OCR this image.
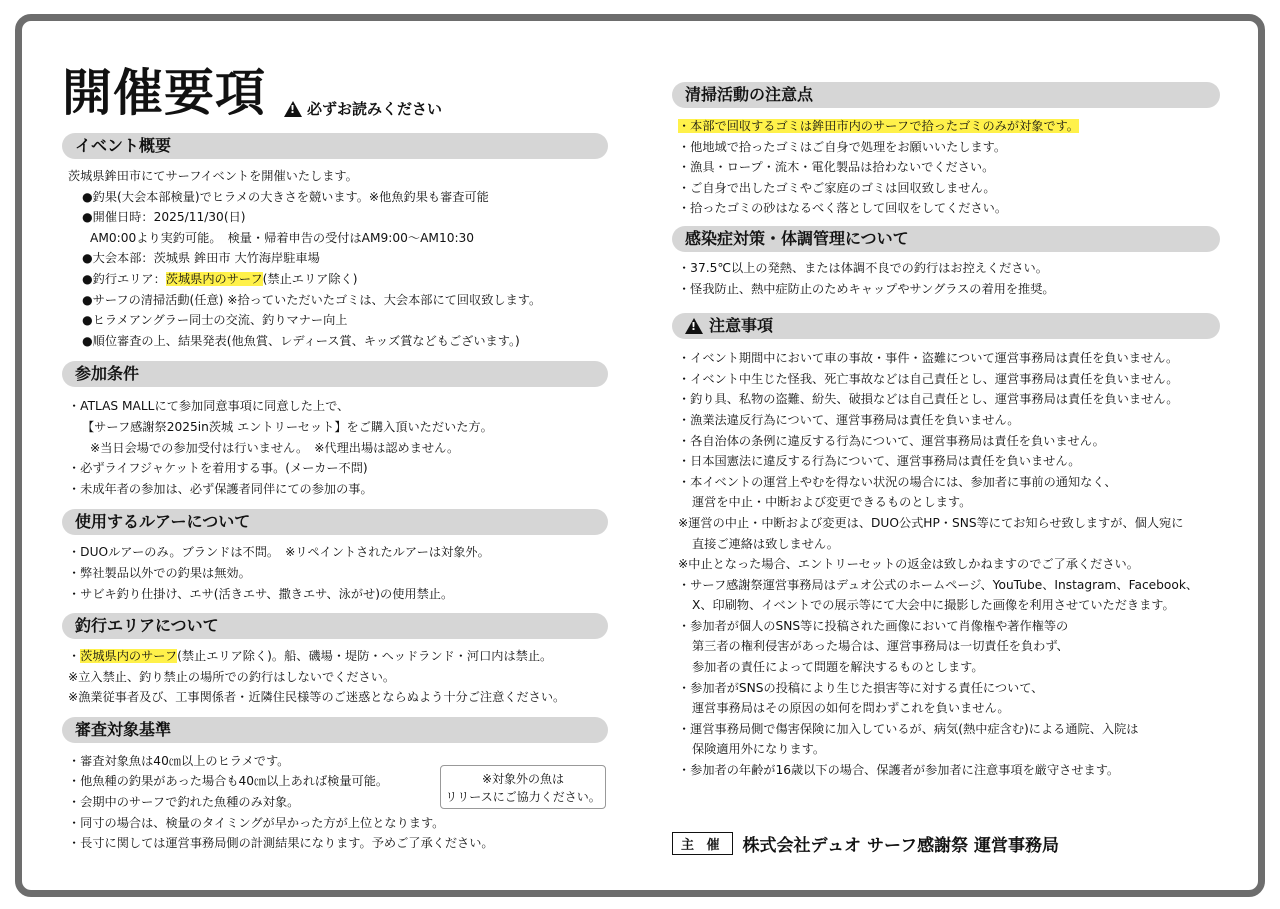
開催要項
!	必ずお読みください
イベント概要
茨城県鉾田市にてサーフイベントを開催いたします。
●釣果(大会本部検量)でヒラメの大きさを競います。※他魚釣果も審査可能
●開催日時：2025/11/30(日)
AM0:00より実釣可能。　検量・帰着申告の受付はAM9:00〜AM10:30
●大会本部：茨城県 鉾田市 大竹海岸駐車場
●釣行エリア：茨城県内のサーフ(禁止エリア除く)
●サーフの清掃活動(任意) ※拾っていただいたゴミは、大会本部にて回収致します。
●ヒラメアングラー同士の交流、釣りマナー向上
●順位審査の上、結果発表(他魚賞、レディース賞、キッズ賞などもございます。)
参加条件
・ATLAS MALLにて参加同意事項に同意した上で、
【サーフ感謝祭2025in茨城 エントリーセット】をご購入頂いただいた方。
※当日会場での参加受付は行いません。　※代理出場は認めません。
・必ずライフジャケットを着用する事。(メーカー不問)
・未成年者の参加は、必ず保護者同伴にての参加の事。
使用するルアーについて
・DUOルアーのみ。ブランドは不問。　※リペイントされたルアーは対象外。
・弊社製品以外での釣果は無効。
・サビキ釣り仕掛け、エサ(活きエサ、撒きエサ、泳がせ)の使用禁止。
釣行エリアについて
・茨城県内のサーフ(禁止エリア除く)。船、磯場・堤防・ヘッドランド・河口内は禁止。
※立入禁止、釣り禁止の場所での釣行はしないでください。
※漁業従事者及び、工事関係者・近隣住民様等のご迷惑とならぬよう十分ご注意ください。
審査対象基準
・審査対象魚は40㎝以上のヒラメです。
・他魚種の釣果があった場合も40㎝以上あれば検量可能。
・会期中のサーフで釣れた魚種のみ対象。
・同寸の場合は、検量のタイミングが早かった方が上位となります。
・長寸に関しては運営事務局側の計測結果になります。予めご了承ください。
※対象外の魚は
リリースにご協力ください。
清掃活動の注意点
・本部で回収するゴミは鉾田市内のサーフで拾ったゴミのみが対象です。
・他地域で拾ったゴミはご自身で処理をお願いいたします。
・漁具・ロープ・流木・電化製品は拾わないでください。
・ご自身で出したゴミやご家庭のゴミは回収致しません。
・拾ったゴミの砂はなるべく落として回収をしてください。
感染症対策・体調管理について
・37.5℃以上の発熱、または体調不良での釣行はお控えください。
・怪我防止、熱中症防止のためキャップやサングラスの着用を推奨。
!
注意事項
・イベント期間中において車の事故・事件・盗難について運営事務局は責任を負いません。
・イベント中生じた怪我、死亡事故などは自己責任とし、運営事務局は責任を負いません。
・釣り具、私物の盗難、紛失、破損などは自己責任とし、運営事務局は責任を負いません。
・漁業法違反行為について、運営事務局は責任を負いません。
・各自治体の条例に違反する行為について、運営事務局は責任を負いません。
・日本国憲法に違反する行為について、運営事務局は責任を負いません。
・本イベントの運営上やむを得ない状況の場合には、参加者に事前の通知なく、
運営を中止・中断および変更できるものとします。
※運営の中止・中断および変更は、DUO公式HP・SNS等にてお知らせ致しますが、個人宛に
直接ご連絡は致しません。
※中止となった場合、エントリーセットの返金は致しかねますのでご了承ください。
・サーフ感謝祭運営事務局はデュオ公式のホームページ、YouTube、Instagram、Facebook、
X、印刷物、イベントでの展示等にて大会中に撮影した画像を利用させていただきます。
・参加者が個人のSNS等に投稿された画像において肖像権や著作権等の
第三者の権利侵害があった場合は、運営事務局は一切責任を負わず、
参加者の責任によって問題を解決するものとします。
・参加者がSNSの投稿により生じた損害等に対する責任について、
運営事務局はその原因の如何を問わずこれを負いません。
・運営事務局側で傷害保険に加入しているが、病気(熱中症含む)による通院、入院は
保険適用外になります。
・参加者の年齢が16歳以下の場合、保護者が参加者に注意事項を厳守させます。
主 催	株式会社デュオ サーフ感謝祭 運営事務局
